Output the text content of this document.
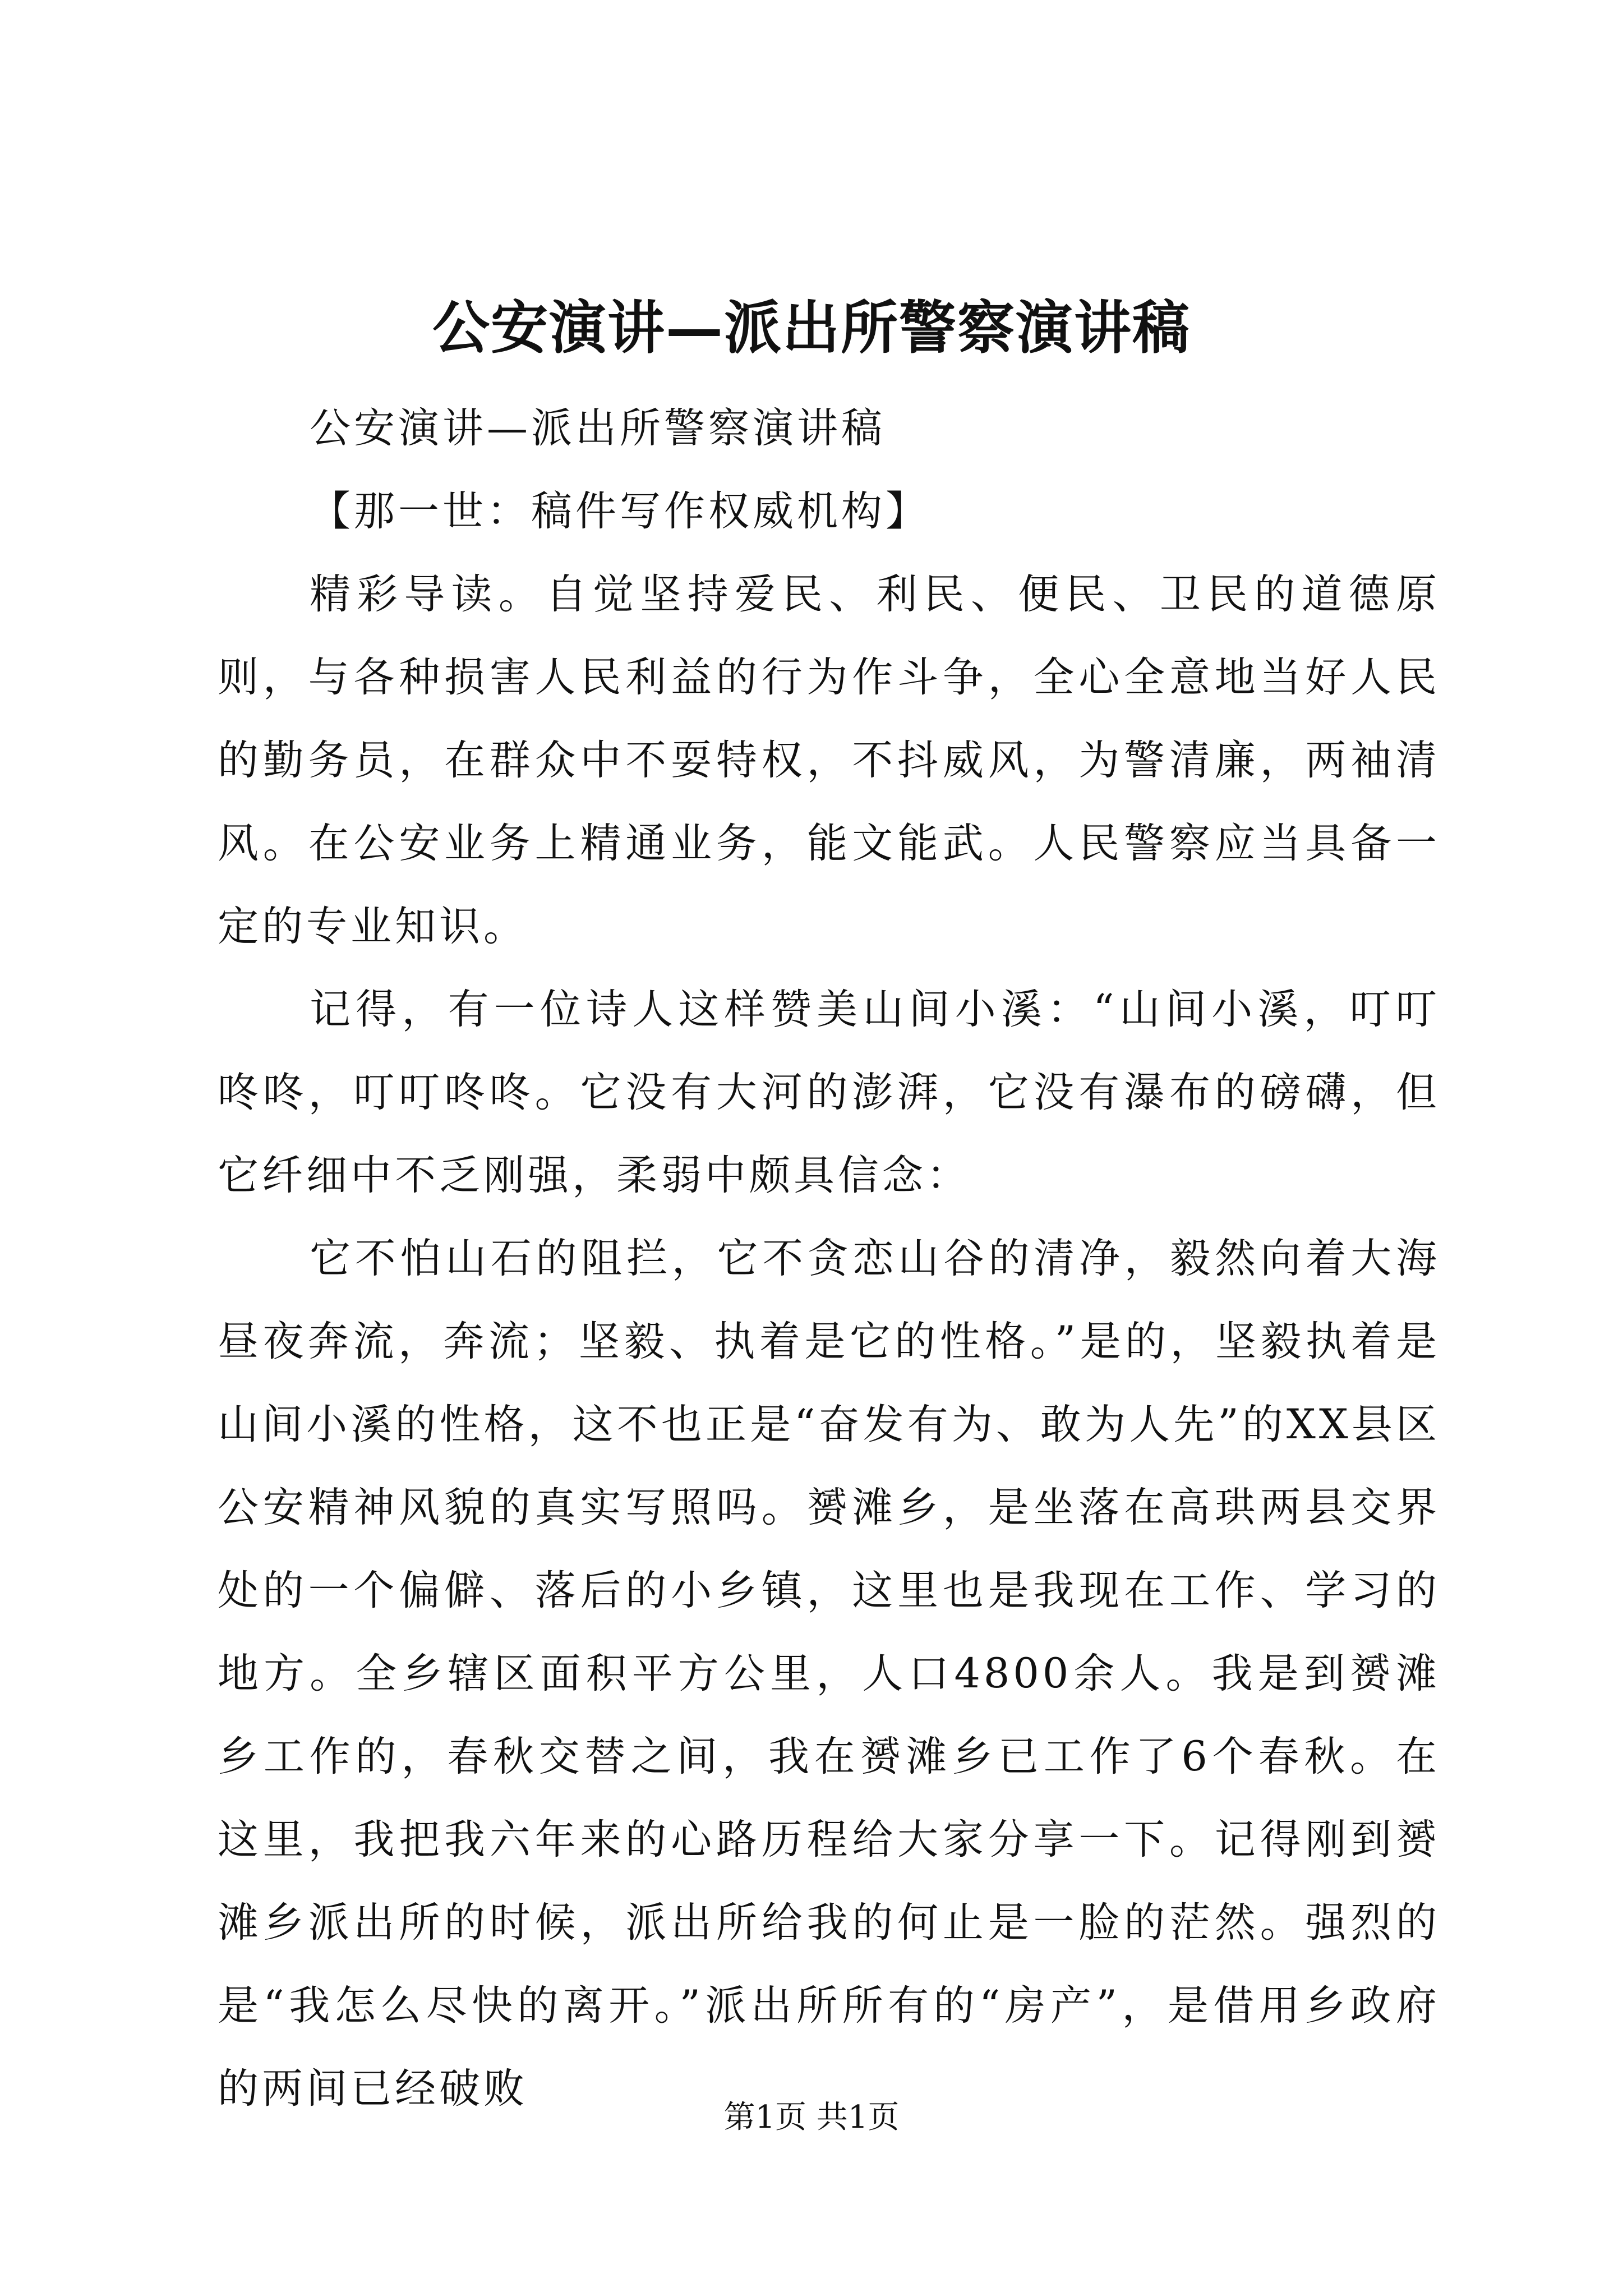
公安演讲—派出所警察演讲稿

公安演讲—派出所警察演讲稿

【那一世：稿件写作权威机构】

精彩导读。自觉坚持爱民、利民、便民、卫民的道德原则，与各种损害人民利益的行为作斗争，全心全意地当好人民的勤务员，在群众中不耍特权，不抖威风，为警清廉，两袖清风。在公安业务上精通业务，能文能武。人民警察应当具备一定的专业知识。

记得，有一位诗人这样赞美山间小溪：“山间小溪，叮叮咚咚，叮叮咚咚。它没有大河的澎湃，它没有瀑布的磅礴，但它纤细中不乏刚强，柔弱中颇具信念：

它不怕山石的阻拦，它不贪恋山谷的清净，毅然向着大海昼夜奔流，奔流；坚毅、执着是它的性格。”是的，坚毅执着是山间小溪的性格，这不也正是“奋发有为、敢为人先”的XX县区公安精神风貌的真实写照吗。赟滩乡，是坐落在高珙两县交界处的一个偏僻、落后的小乡镇，这里也是我现在工作、学习的地方。全乡辖区面积平方公里，人口4800余人。我是到赟滩乡工作的，春秋交替之间，我在赟滩乡已工作了6个春秋。在这里，我把我六年来的心路历程给大家分享一下。记得刚到赟滩乡派出所的时候，派出所给我的何止是一脸的茫然。强烈的是“我怎么尽快的离开。”派出所所有的“房产”，是借用乡政府的两间已经破败

第1页 共1页
